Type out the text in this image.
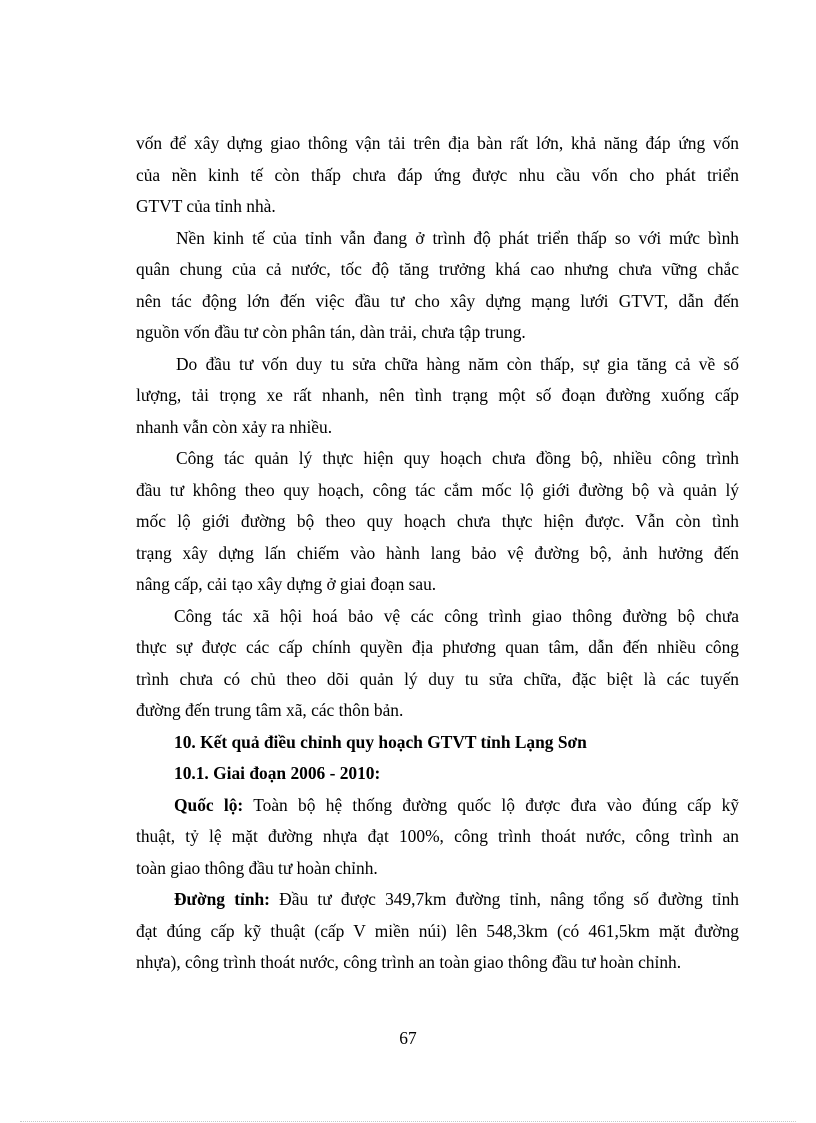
vốn để xây dựng giao thông vận tải trên địa bàn rất lớn, khả năng đáp ứng vốn
của nền kinh tế còn thấp chưa đáp ứng được nhu cầu vốn cho phát triển
GTVT của tỉnh nhà.
Nền kinh tế của tỉnh vẫn đang ở trình độ phát triển thấp so với mức bình
quân chung của cả nước, tốc độ tăng trưởng khá cao nhưng chưa vững chắc
nên tác động lớn đến việc đầu tư cho xây dựng mạng lưới GTVT, dẫn đến
nguồn vốn đầu tư còn phân tán, dàn trải, chưa tập trung.
Do đầu tư vốn duy tu sửa chữa hàng năm còn thấp, sự gia tăng cả về số
lượng, tải trọng xe rất nhanh, nên tình trạng một số đoạn đường xuống cấp
nhanh vẫn còn xảy ra nhiều.
Công tác quản lý thực hiện quy hoạch chưa đồng bộ, nhiều công trình
đầu tư không theo quy hoạch, công tác cắm mốc lộ giới đường bộ và quản lý
mốc lộ giới đường bộ theo quy hoạch chưa thực hiện được. Vẫn còn tình
trạng xây dựng lấn chiếm vào hành lang bảo vệ đường bộ, ảnh hưởng đến
nâng cấp, cải tạo xây dựng ở giai đoạn sau.
Công tác xã hội hoá bảo vệ các công trình giao thông đường bộ chưa
thực sự được các cấp chính quyền địa phương quan tâm, dẫn đến nhiều công
trình chưa có chủ theo dõi quản lý duy tu sửa chữa, đặc biệt là các tuyến
đường đến trung tâm xã, các thôn bản.
10. Kết quả điều chỉnh quy hoạch GTVT tỉnh Lạng Sơn
10.1. Giai đoạn 2006 - 2010:
Quốc lộ: Toàn bộ hệ thống đường quốc lộ được đưa vào đúng cấp kỹ
thuật, tỷ lệ mặt đường nhựa đạt 100%, công trình thoát nước, công trình an
toàn giao thông đầu tư hoàn chỉnh.
Đường tỉnh: Đầu tư được 349,7km đường tỉnh, nâng tổng số đường tỉnh
đạt đúng cấp kỹ thuật (cấp V miền núi) lên 548,3km (có 461,5km mặt đường
nhựa), công trình thoát nước, công trình an toàn giao thông đầu tư hoàn chỉnh.
67
